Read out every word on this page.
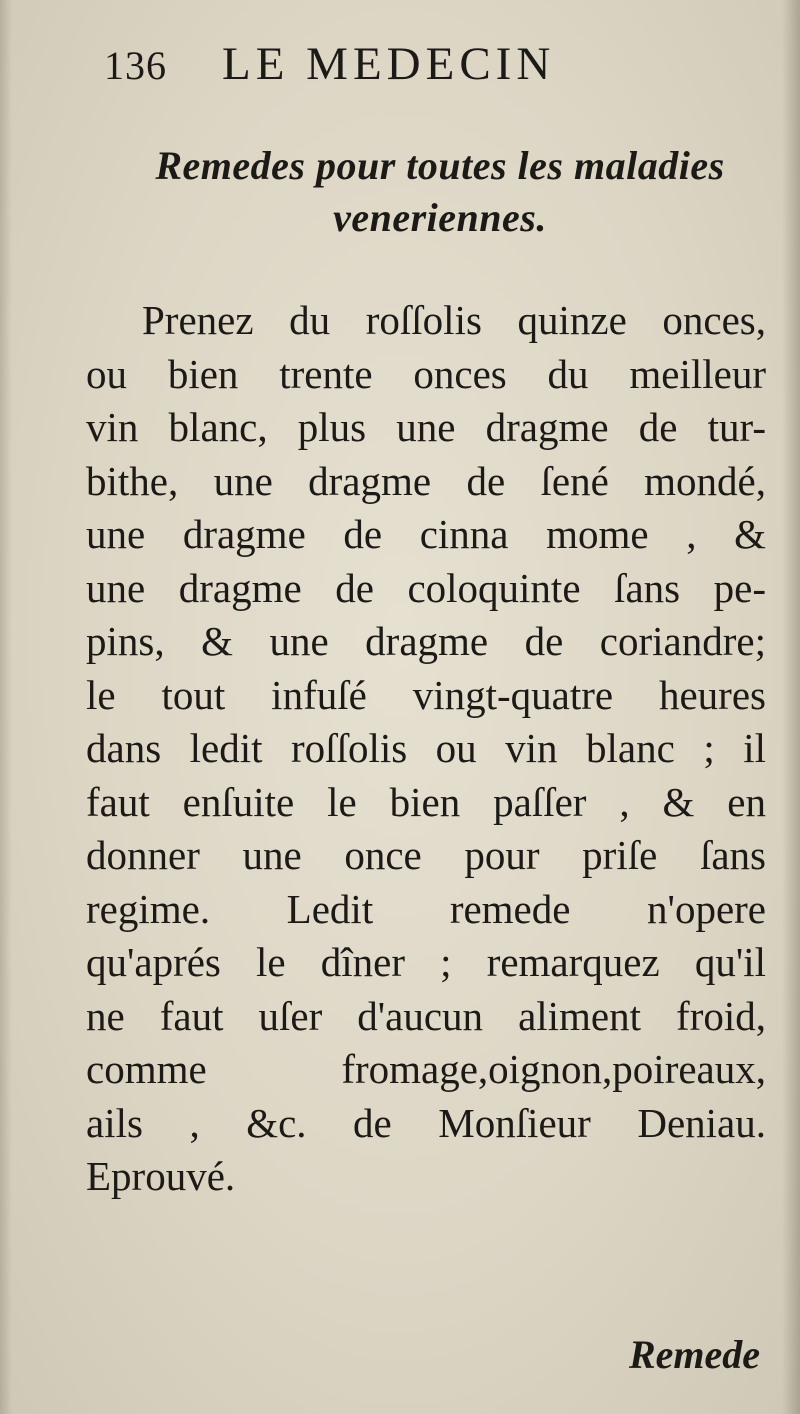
136 LE MEDECIN
Remedes pour toutes les maladies
veneriennes.
Prenez du roſſolis quinze onces,
ou bien trente onces du meilleur
vin blanc, plus une dragme de tur-
bithe, une dragme de ſené mondé,
une dragme de cinna mome , &
une dragme de coloquinte ſans pe-
pins, & une dragme de coriandre;
le tout infuſé vingt-quatre heures
dans ledit roſſolis ou vin blanc ; il
faut enſuite le bien paſſer , & en
donner une once pour priſe ſans
regime. Ledit remede n'opere
qu'aprés le dîner ; remarquez qu'il
ne faut uſer d'aucun aliment froid,
comme fromage,oignon,poireaux,
ails , &c. de Monſieur Deniau.
Eprouvé.
Remede
